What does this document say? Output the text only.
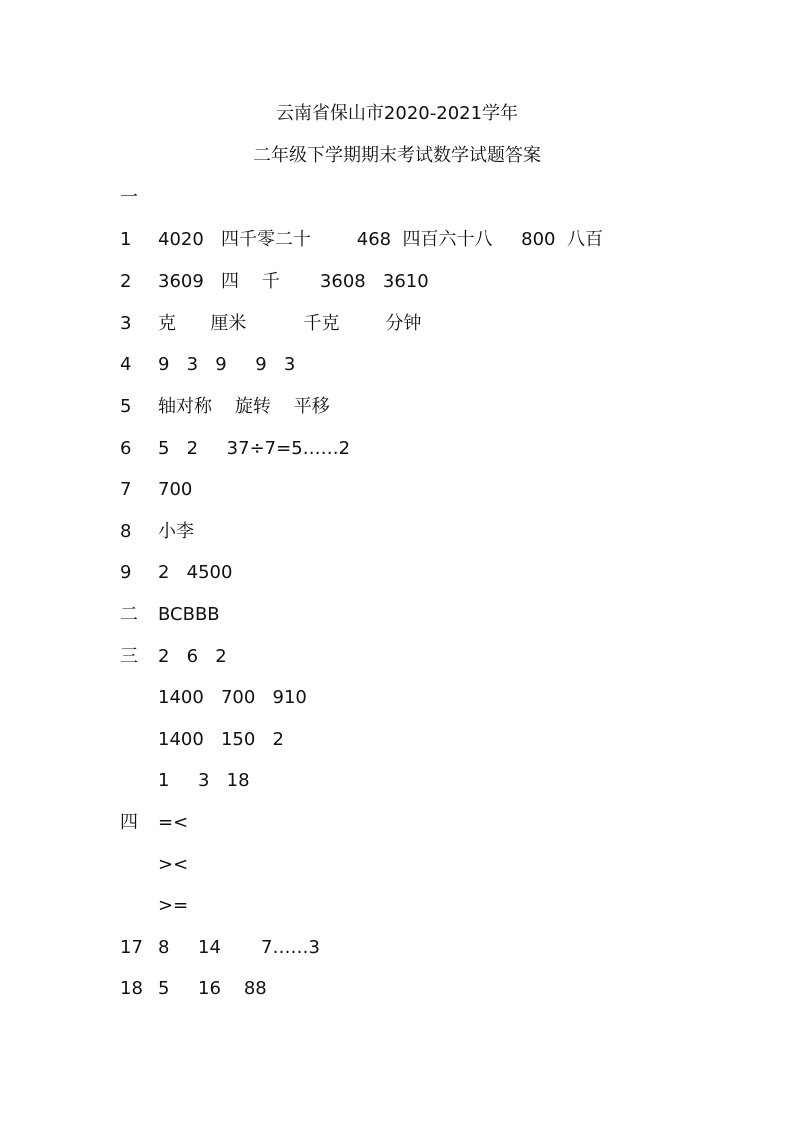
云南省保山市2020-2021学年
二年级下学期期末考试数学试题答案

一

1

4020   四千零二十        468  四百六十八     800  八百

2

3609   四    千       3608   3610

3

克      厘米          千克        分钟

4

9   3   9     9   3

5

轴对称    旋转    平移

6

5   2     37÷7=5……2

7

700

8

小李

9

2   4500

二

BCBBB

三

2   6   2

1400   700   910

1400   150   2

1     3   18

四

=<

><

>=

17

8     14       7……3

18

5     16    88
